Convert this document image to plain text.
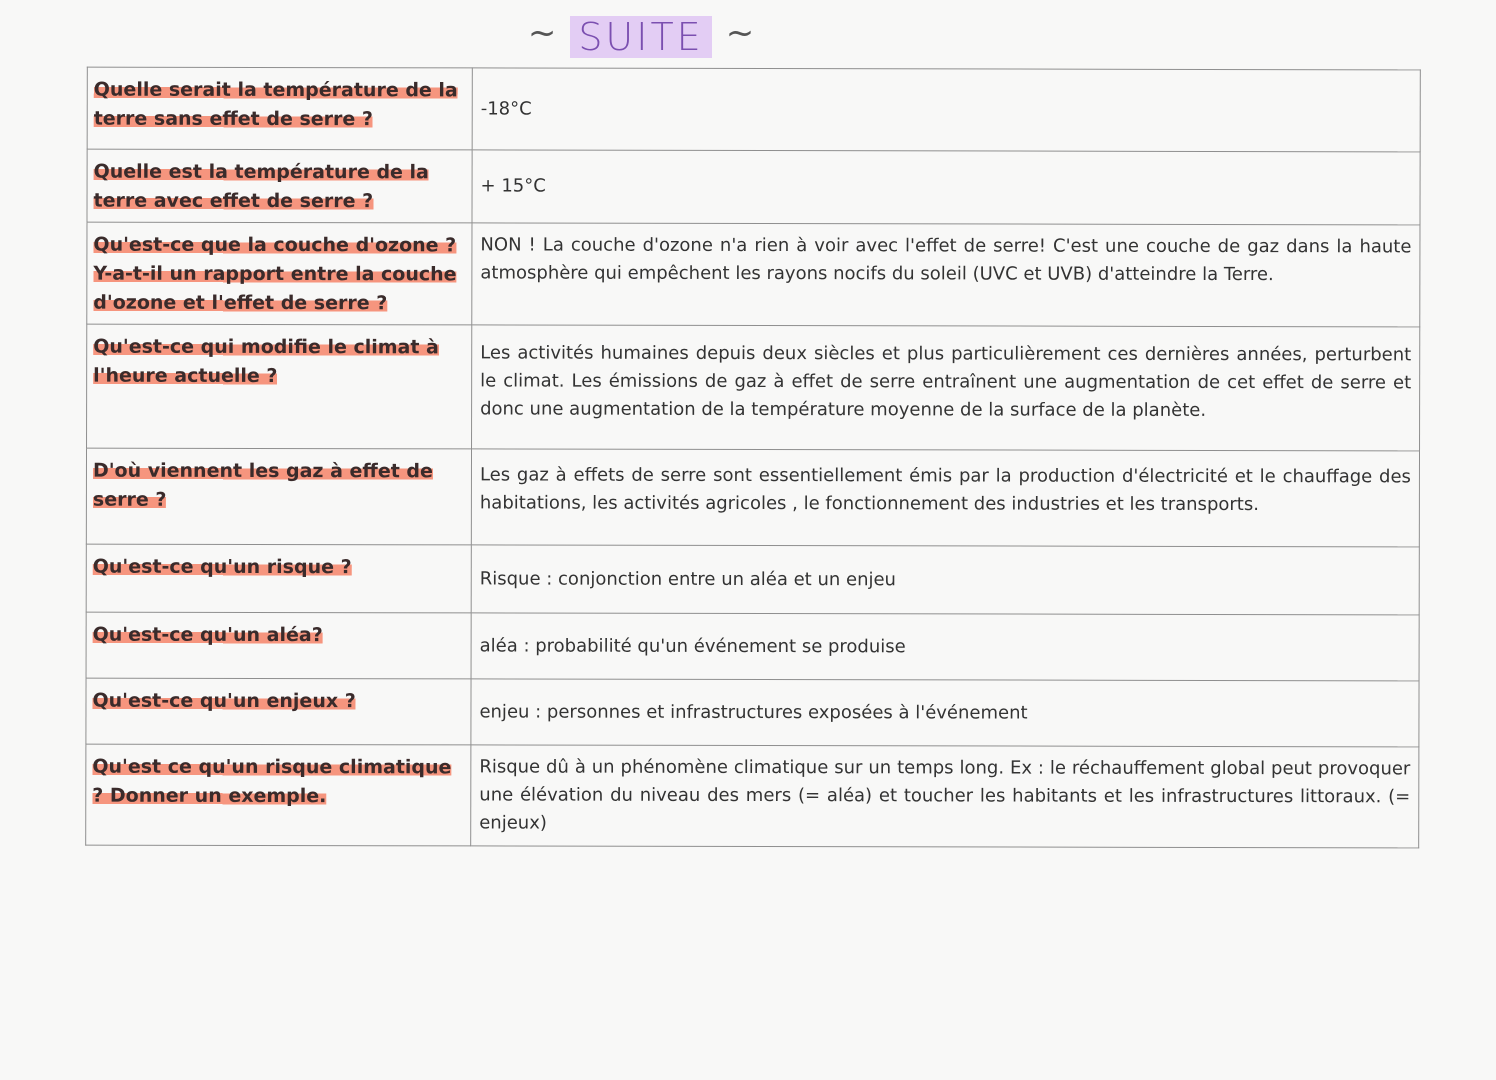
~ SUITE ~
Quelle serait la température de la terre sans effet de serre ?	-18°C

Quelle est la température de la terre avec effet de serre ?	+ 15°C

Qu'est-ce que la couche d'ozone ? Y-a-t-il un rapport entre la couche d'ozone et l'effet de serre ?	NON ! La couche d'ozone n'a rien à voir avec l'effet de serre! C'est une couche de gaz dans la haute atmosphère qui empêchent les rayons nocifs du soleil (UVC et UVB) d'atteindre la Terre.

Qu'est-ce qui modifie le climat à l'heure actuelle ?	Les activités humaines depuis deux siècles et plus particulièrement ces dernières années, perturbent le climat. Les émissions de gaz à effet de serre entraînent une augmentation de cet effet de serre et donc une augmentation de la température moyenne de la surface de la planète.

D'où viennent les gaz à effet de serre ?	Les gaz à effets de serre sont essentiellement émis par la production d'électricité et le chauffage des habitations, les activités agricoles , le fonctionnement des industries et les transports.

Qu'est-ce qu'un risque ?	Risque : conjonction entre un aléa et un enjeu

Qu'est-ce qu'un aléa?	aléa : probabilité qu'un événement se produise

Qu'est-ce qu'un enjeux ?	enjeu : personnes et infrastructures exposées à l'événement

Qu'est ce qu'un risque climatique ? Donner un exemple.	Risque dû à un phénomène climatique sur un temps long. Ex : le réchauffement global peut provoquer une élévation du niveau des mers (= aléa) et toucher les habitants et les infrastructures littoraux. (= enjeux)
